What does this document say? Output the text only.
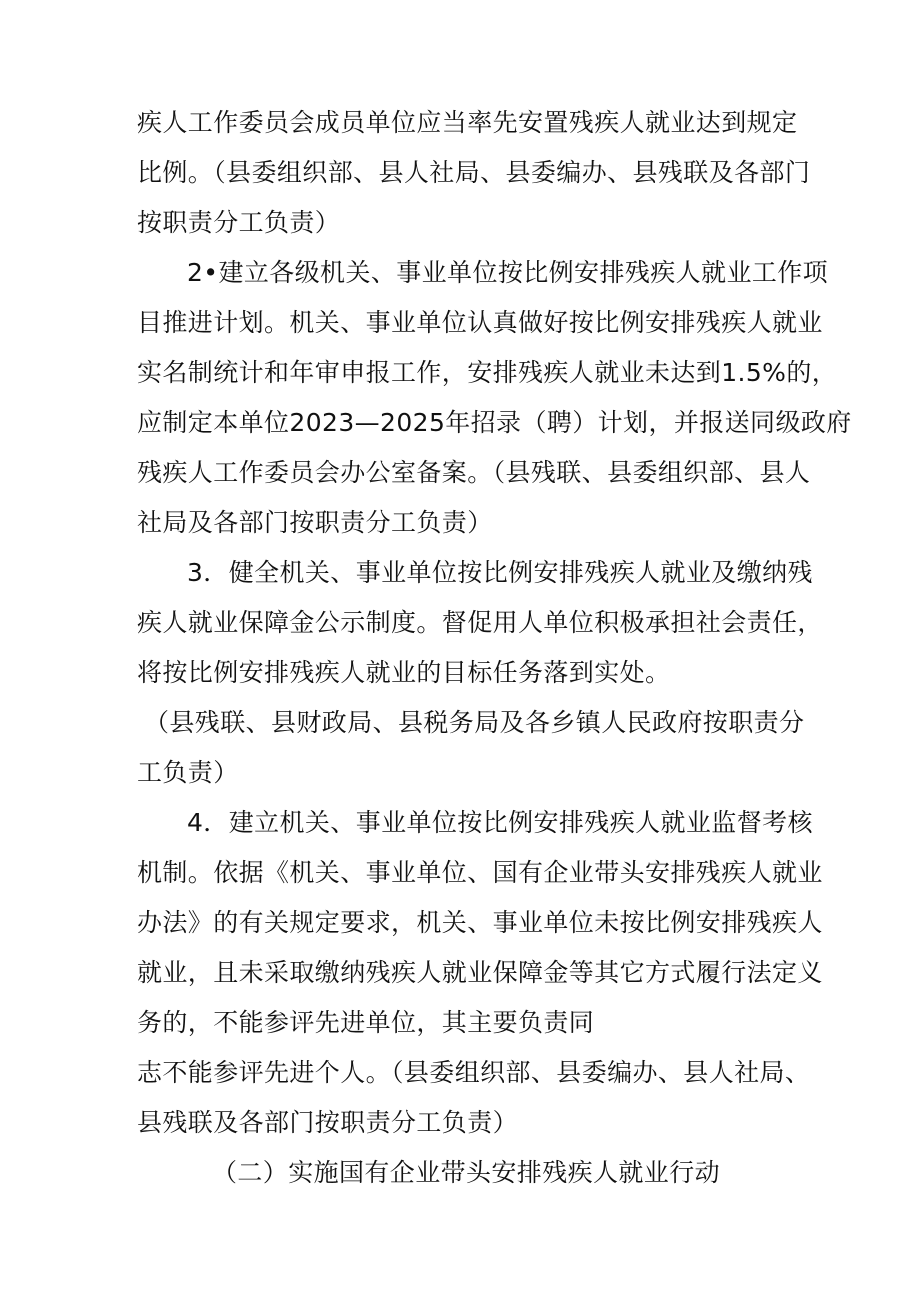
疾人工作委员会成员单位应当率先安置残疾人就业达到规定
比例。（县委组织部、县人社局、县委编办、县残联及各部门
按职责分工负责）
2•建立各级机关、事业单位按比例安排残疾人就业工作项
目推进计划。机关、事业单位认真做好按比例安排残疾人就业
实名制统计和年审申报工作，安排残疾人就业未达到1.5%的，
应制定本单位2023—2025年招录（聘）计划，并报送同级政府
残疾人工作委员会办公室备案。（县残联、县委组织部、县人
社局及各部门按职责分工负责）
3．健全机关、事业单位按比例安排残疾人就业及缴纳残
疾人就业保障金公示制度。督促用人单位积极承担社会责任，
将按比例安排残疾人就业的目标任务落到实处。
（县残联、县财政局、县税务局及各乡镇人民政府按职责分
工负责）
4．建立机关、事业单位按比例安排残疾人就业监督考核
机制。依据《机关、事业单位、国有企业带头安排残疾人就业
办法》的有关规定要求，机关、事业单位未按比例安排残疾人
就业，且未采取缴纳残疾人就业保障金等其它方式履行法定义
务的，不能参评先进单位，其主要负责同
志不能参评先进个人。（县委组织部、县委编办、县人社局、
县残联及各部门按职责分工负责）
（二）实施国有企业带头安排残疾人就业行动
